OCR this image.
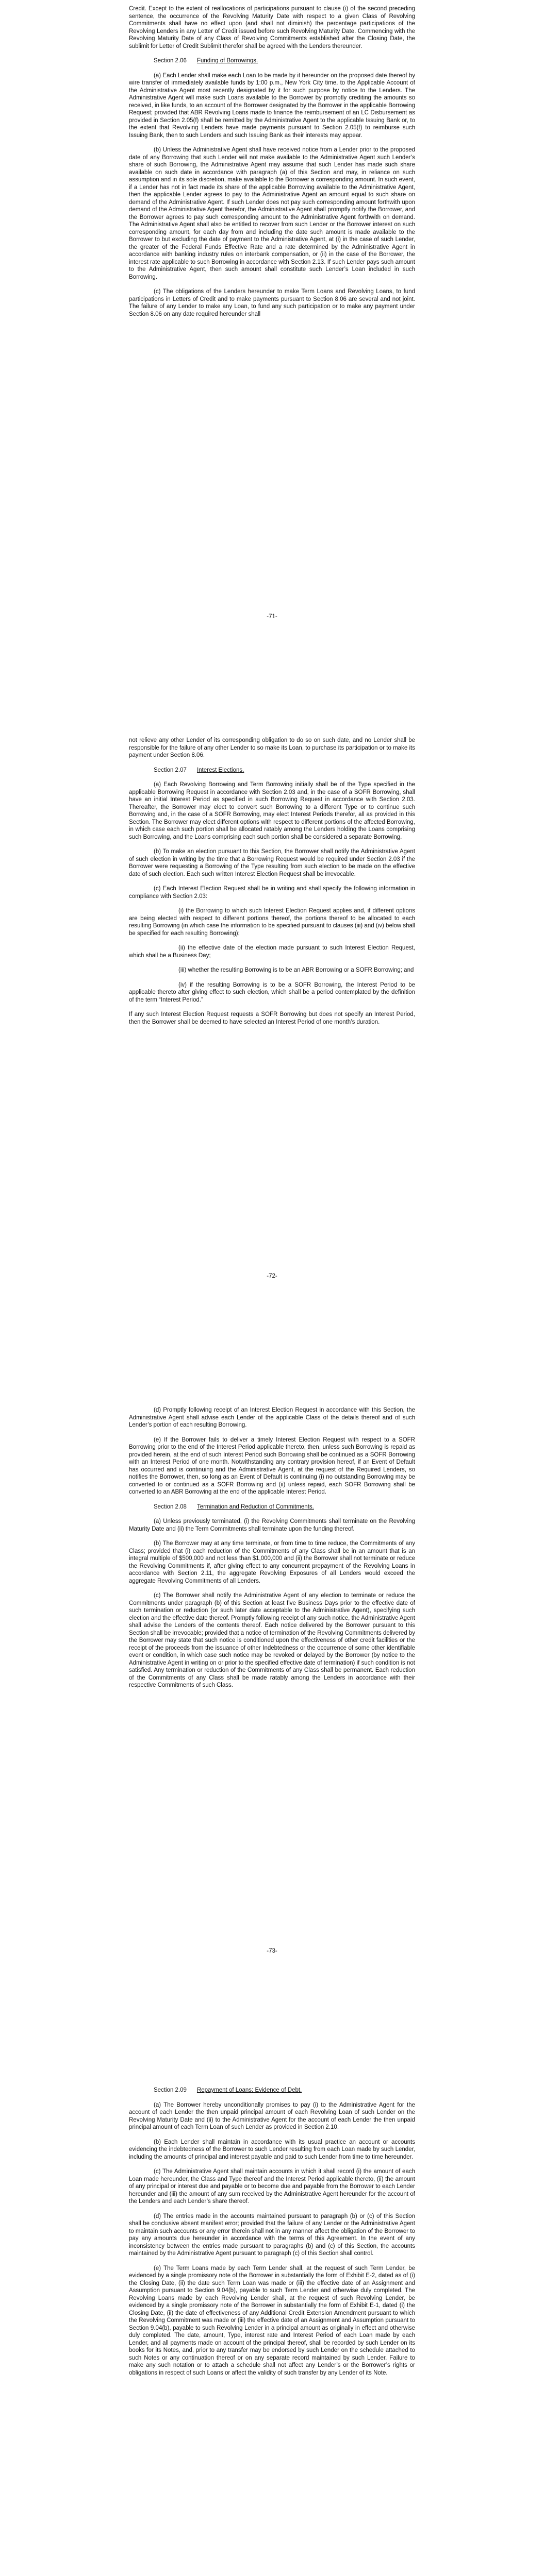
Credit. Except to the extent of reallocations of participations pursuant to clause (i) of the second preceding sentence, the occurrence of the Revolving Maturity Date with respect to a given Class of Revolving Commitments shall have no effect upon (and shall not diminish) the percentage participations of the Revolving Lenders in any Letter of Credit issued before such Revolving Maturity Date. Commencing with the Revolving Maturity Date of any Class of Revolving Commitments established after the Closing Date, the sublimit for Letter of Credit Sublimit therefor shall be agreed with the Lenders thereunder.

Section 2.06 Funding of Borrowings.

(a) Each Lender shall make each Loan to be made by it hereunder on the proposed date thereof by wire transfer of immediately available funds by 1:00 p.m., New York City time, to the Applicable Account of the Administrative Agent most recently designated by it for such purpose by notice to the Lenders. The Administrative Agent will make such Loans available to the Borrower by promptly crediting the amounts so received, in like funds, to an account of the Borrower designated by the Borrower in the applicable Borrowing Request; provided that ABR Revolving Loans made to finance the reimbursement of an LC Disbursement as provided in Section 2.05(f) shall be remitted by the Administrative Agent to the applicable Issuing Bank or, to the extent that Revolving Lenders have made payments pursuant to Section 2.05(f) to reimburse such Issuing Bank, then to such Lenders and such Issuing Bank as their interests may appear.

(b) Unless the Administrative Agent shall have received notice from a Lender prior to the proposed date of any Borrowing that such Lender will not make available to the Administrative Agent such Lender’s share of such Borrowing, the Administrative Agent may assume that such Lender has made such share available on such date in accordance with paragraph (a) of this Section and may, in reliance on such assumption and in its sole discretion, make available to the Borrower a corresponding amount. In such event, if a Lender has not in fact made its share of the applicable Borrowing available to the Administrative Agent, then the applicable Lender agrees to pay to the Administrative Agent an amount equal to such share on demand of the Administrative Agent. If such Lender does not pay such corresponding amount forthwith upon demand of the Administrative Agent therefor, the Administrative Agent shall promptly notify the Borrower, and the Borrower agrees to pay such corresponding amount to the Administrative Agent forthwith on demand. The Administrative Agent shall also be entitled to recover from such Lender or the Borrower interest on such corresponding amount, for each day from and including the date such amount is made available to the Borrower to but excluding the date of payment to the Administrative Agent, at (i) in the case of such Lender, the greater of the Federal Funds Effective Rate and a rate determined by the Administrative Agent in accordance with banking industry rules on interbank compensation, or (ii) in the case of the Borrower, the interest rate applicable to such Borrowing in accordance with Section 2.13. If such Lender pays such amount to the Administrative Agent, then such amount shall constitute such Lender’s Loan included in such Borrowing.

(c) The obligations of the Lenders hereunder to make Term Loans and Revolving Loans, to fund participations in Letters of Credit and to make payments pursuant to Section 8.06 are several and not joint. The failure of any Lender to make any Loan, to fund any such participation or to make any payment under Section 8.06 on any date required hereunder shall

-71-

not relieve any other Lender of its corresponding obligation to do so on such date, and no Lender shall be responsible for the failure of any other Lender to so make its Loan, to purchase its participation or to make its payment under Section 8.06.

Section 2.07 Interest Elections.

(a) Each Revolving Borrowing and Term Borrowing initially shall be of the Type specified in the applicable Borrowing Request in accordance with Section 2.03 and, in the case of a SOFR Borrowing, shall have an initial Interest Period as specified in such Borrowing Request in accordance with Section 2.03. Thereafter, the Borrower may elect to convert such Borrowing to a different Type or to continue such Borrowing and, in the case of a SOFR Borrowing, may elect Interest Periods therefor, all as provided in this Section. The Borrower may elect different options with respect to different portions of the affected Borrowing, in which case each such portion shall be allocated ratably among the Lenders holding the Loans comprising such Borrowing, and the Loans comprising each such portion shall be considered a separate Borrowing.

(b) To make an election pursuant to this Section, the Borrower shall notify the Administrative Agent of such election in writing by the time that a Borrowing Request would be required under Section 2.03 if the Borrower were requesting a Borrowing of the Type resulting from such election to be made on the effective date of such election. Each such written Interest Election Request shall be irrevocable.

(c) Each Interest Election Request shall be in writing and shall specify the following information in compliance with Section 2.03:

(i) the Borrowing to which such Interest Election Request applies and, if different options are being elected with respect to different portions thereof, the portions thereof to be allocated to each resulting Borrowing (in which case the information to be specified pursuant to clauses (iii) and (iv) below shall be specified for each resulting Borrowing);

(ii) the effective date of the election made pursuant to such Interest Election Request, which shall be a Business Day;

(iii) whether the resulting Borrowing is to be an ABR Borrowing or a SOFR Borrowing; and

(iv) if the resulting Borrowing is to be a SOFR Borrowing, the Interest Period to be applicable thereto after giving effect to such election, which shall be a period contemplated by the definition of the term “Interest Period.”

If any such Interest Election Request requests a SOFR Borrowing but does not specify an Interest Period, then the Borrower shall be deemed to have selected an Interest Period of one month’s duration.

-72-

(d) Promptly following receipt of an Interest Election Request in accordance with this Section, the Administrative Agent shall advise each Lender of the applicable Class of the details thereof and of such Lender’s portion of each resulting Borrowing.

(e) If the Borrower fails to deliver a timely Interest Election Request with respect to a SOFR Borrowing prior to the end of the Interest Period applicable thereto, then, unless such Borrowing is repaid as provided herein, at the end of such Interest Period such Borrowing shall be continued as a SOFR Borrowing with an Interest Period of one month. Notwithstanding any contrary provision hereof, if an Event of Default has occurred and is continuing and the Administrative Agent, at the request of the Required Lenders, so notifies the Borrower, then, so long as an Event of Default is continuing (i) no outstanding Borrowing may be converted to or continued as a SOFR Borrowing and (ii) unless repaid, each SOFR Borrowing shall be converted to an ABR Borrowing at the end of the applicable Interest Period.

Section 2.08 Termination and Reduction of Commitments.

(a) Unless previously terminated, (i) the Revolving Commitments shall terminate on the Revolving Maturity Date and (ii) the Term Commitments shall terminate upon the funding thereof.

(b) The Borrower may at any time terminate, or from time to time reduce, the Commitments of any Class; provided that (i) each reduction of the Commitments of any Class shall be in an amount that is an integral multiple of $500,000 and not less than $1,000,000 and (ii) the Borrower shall not terminate or reduce the Revolving Commitments if, after giving effect to any concurrent prepayment of the Revolving Loans in accordance with Section 2.11, the aggregate Revolving Exposures of all Lenders would exceed the aggregate Revolving Commitments of all Lenders.

(c) The Borrower shall notify the Administrative Agent of any election to terminate or reduce the Commitments under paragraph (b) of this Section at least five Business Days prior to the effective date of such termination or reduction (or such later date acceptable to the Administrative Agent), specifying such election and the effective date thereof. Promptly following receipt of any such notice, the Administrative Agent shall advise the Lenders of the contents thereof. Each notice delivered by the Borrower pursuant to this Section shall be irrevocable; provided that a notice of termination of the Revolving Commitments delivered by the Borrower may state that such notice is conditioned upon the effectiveness of other credit facilities or the receipt of the proceeds from the issuance of other Indebtedness or the occurrence of some other identifiable event or condition, in which case such notice may be revoked or delayed by the Borrower (by notice to the Administrative Agent in writing on or prior to the specified effective date of termination) if such condition is not satisfied. Any termination or reduction of the Commitments of any Class shall be permanent. Each reduction of the Commitments of any Class shall be made ratably among the Lenders in accordance with their respective Commitments of such Class.

-73-

Section 2.09 Repayment of Loans; Evidence of Debt.

(a) The Borrower hereby unconditionally promises to pay (i) to the Administrative Agent for the account of each Lender the then unpaid principal amount of each Revolving Loan of such Lender on the Revolving Maturity Date and (ii) to the Administrative Agent for the account of each Lender the then unpaid principal amount of each Term Loan of such Lender as provided in Section 2.10.

(b) Each Lender shall maintain in accordance with its usual practice an account or accounts evidencing the indebtedness of the Borrower to such Lender resulting from each Loan made by such Lender, including the amounts of principal and interest payable and paid to such Lender from time to time hereunder.

(c) The Administrative Agent shall maintain accounts in which it shall record (i) the amount of each Loan made hereunder, the Class and Type thereof and the Interest Period applicable thereto, (ii) the amount of any principal or interest due and payable or to become due and payable from the Borrower to each Lender hereunder and (iii) the amount of any sum received by the Administrative Agent hereunder for the account of the Lenders and each Lender’s share thereof.

(d) The entries made in the accounts maintained pursuant to paragraph (b) or (c) of this Section shall be conclusive absent manifest error; provided that the failure of any Lender or the Administrative Agent to maintain such accounts or any error therein shall not in any manner affect the obligation of the Borrower to pay any amounts due hereunder in accordance with the terms of this Agreement. In the event of any inconsistency between the entries made pursuant to paragraphs (b) and (c) of this Section, the accounts maintained by the Administrative Agent pursuant to paragraph (c) of this Section shall control.

(e) The Term Loans made by each Term Lender shall, at the request of such Term Lender, be evidenced by a single promissory note of the Borrower in substantially the form of Exhibit E-2, dated as of (i) the Closing Date, (ii) the date such Term Loan was made or (iii) the effective date of an Assignment and Assumption pursuant to Section 9.04(b), payable to such Term Lender and otherwise duly completed. The Revolving Loans made by each Revolving Lender shall, at the request of such Revolving Lender, be evidenced by a single promissory note of the Borrower in substantially the form of Exhibit E-1, dated (i) the Closing Date, (ii) the date of effectiveness of any Additional Credit Extension Amendment pursuant to which the Revolving Commitment was made or (iii) the effective date of an Assignment and Assumption pursuant to Section 9.04(b), payable to such Revolving Lender in a principal amount as originally in effect and otherwise duly completed. The date, amount, Type, interest rate and Interest Period of each Loan made by each Lender, and all payments made on account of the principal thereof, shall be recorded by such Lender on its books for its Notes, and, prior to any transfer may be endorsed by such Lender on the schedule attached to such Notes or any continuation thereof or on any separate record maintained by such Lender. Failure to make any such notation or to attach a schedule shall not affect any Lender’s or the Borrower’s rights or obligations in respect of such Loans or affect the validity of such transfer by any Lender of its Note.
